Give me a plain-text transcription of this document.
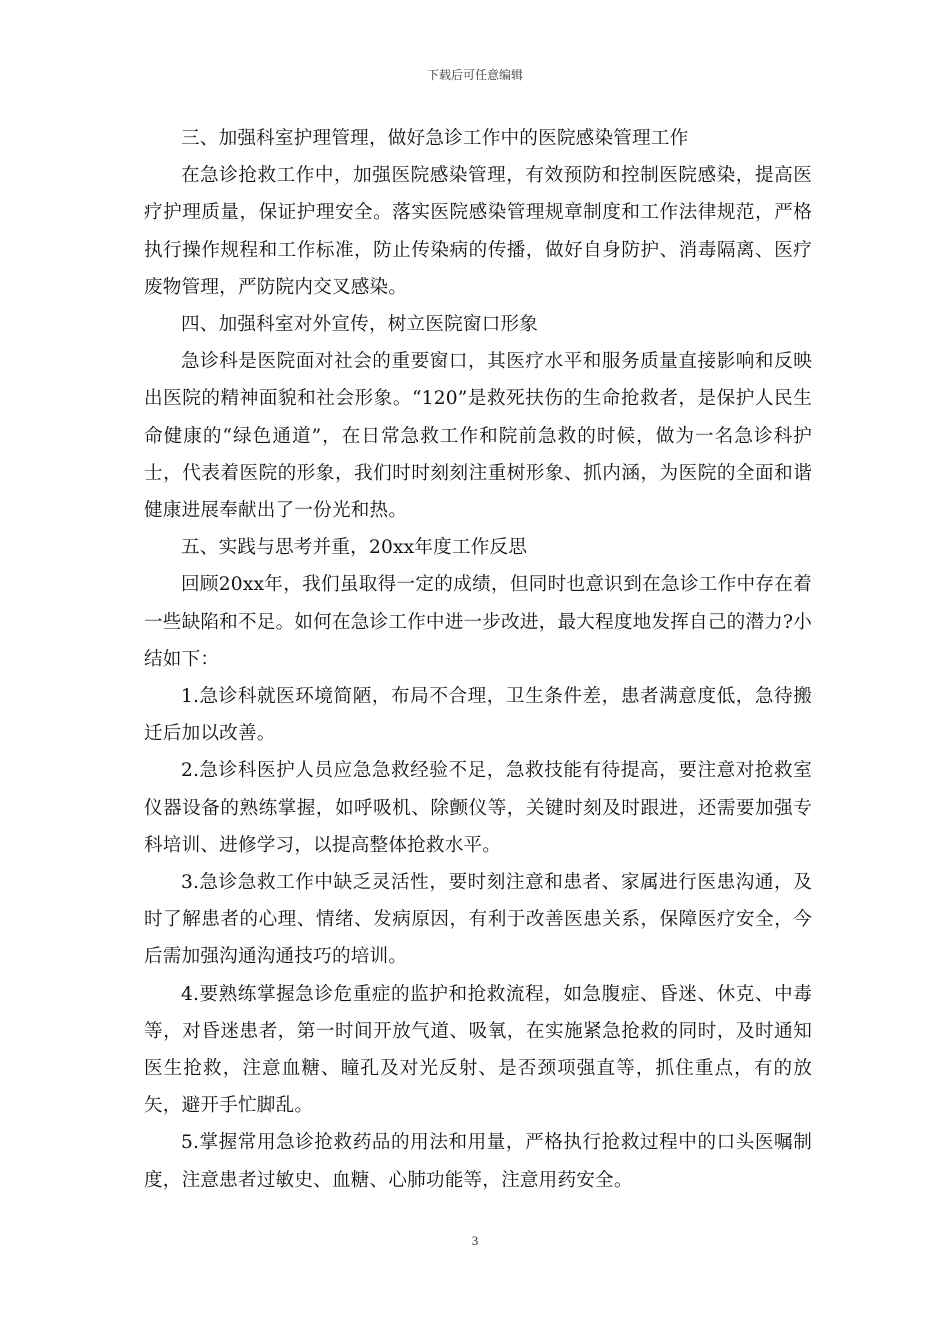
下载后可任意编辑

三、加强科室护理管理，做好急诊工作中的医院感染管理工作

在急诊抢救工作中，加强医院感染管理，有效预防和控制医院感染，提高医疗护理质量，保证护理安全。落实医院感染管理规章制度和工作法律规范，严格执行操作规程和工作标准，防止传染病的传播，做好自身防护、消毒隔离、医疗废物管理，严防院内交叉感染。

四、加强科室对外宣传，树立医院窗口形象

急诊科是医院面对社会的重要窗口，其医疗水平和服务质量直接影响和反映出医院的精神面貌和社会形象。“120”是救死扶伤的生命抢救者，是保护人民生命健康的“绿色通道”，在日常急救工作和院前急救的时候，做为一名急诊科护士，代表着医院的形象，我们时时刻刻注重树形象、抓内涵，为医院的全面和谐健康进展奉献出了一份光和热。

五、实践与思考并重，20xx年度工作反思

回顾20xx年，我们虽取得一定的成绩，但同时也意识到在急诊工作中存在着一些缺陷和不足。如何在急诊工作中进一步改进，最大程度地发挥自己的潜力?小结如下：

1.急诊科就医环境简陋，布局不合理，卫生条件差，患者满意度低，急待搬迁后加以改善。

2.急诊科医护人员应急急救经验不足，急救技能有待提高，要注意对抢救室仪器设备的熟练掌握，如呼吸机、除颤仪等，关键时刻及时跟进，还需要加强专科培训、进修学习，以提高整体抢救水平。

3.急诊急救工作中缺乏灵活性，要时刻注意和患者、家属进行医患沟通，及时了解患者的心理、情绪、发病原因，有利于改善医患关系，保障医疗安全，今后需加强沟通沟通技巧的培训。

4.要熟练掌握急诊危重症的监护和抢救流程，如急腹症、昏迷、休克、中毒等，对昏迷患者，第一时间开放气道、吸氧，在实施紧急抢救的同时，及时通知医生抢救，注意血糖、瞳孔及对光反射、是否颈项强直等，抓住重点，有的放矢，避开手忙脚乱。

5.掌握常用急诊抢救药品的用法和用量，严格执行抢救过程中的口头医嘱制度，注意患者过敏史、血糖、心肺功能等，注意用药安全。

3
